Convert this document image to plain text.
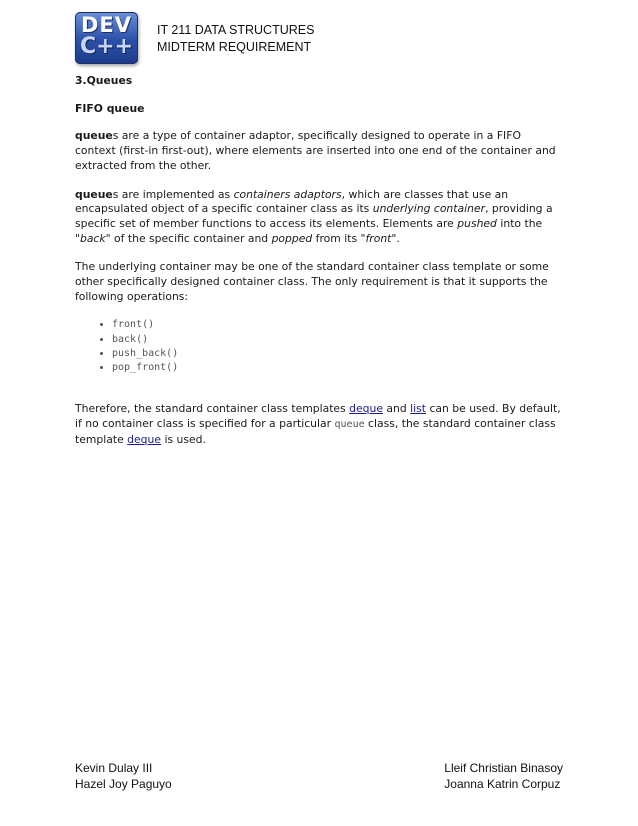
DEV
C++
IT 211 DATA STRUCTURES
MIDTERM REQUIREMENT
3.Queues
FIFO queue

queues are a type of container adaptor, specifically designed to operate in a FIFO context (first-in first-out), where elements are inserted into one end of the container and extracted from the other.

queues are implemented as containers adaptors, which are classes that use an encapsulated object of a specific container class as its underlying container, providing a specific set of member functions to access its elements. Elements are pushed into the "back" of the specific container and popped from its "front".

The underlying container may be one of the standard container class template or some other specifically designed container class. The only requirement is that it supports the following operations:

• front()
• back()
• push_back()
• pop_front()

Therefore, the standard container class templates deque and list can be used. By default, if no container class is specified for a particular queue class, the standard container class template deque is used.

Kevin Dulay III
Hazel Joy Paguyo
Lleif Christian Binasoy
Joanna Katrin Corpuz
